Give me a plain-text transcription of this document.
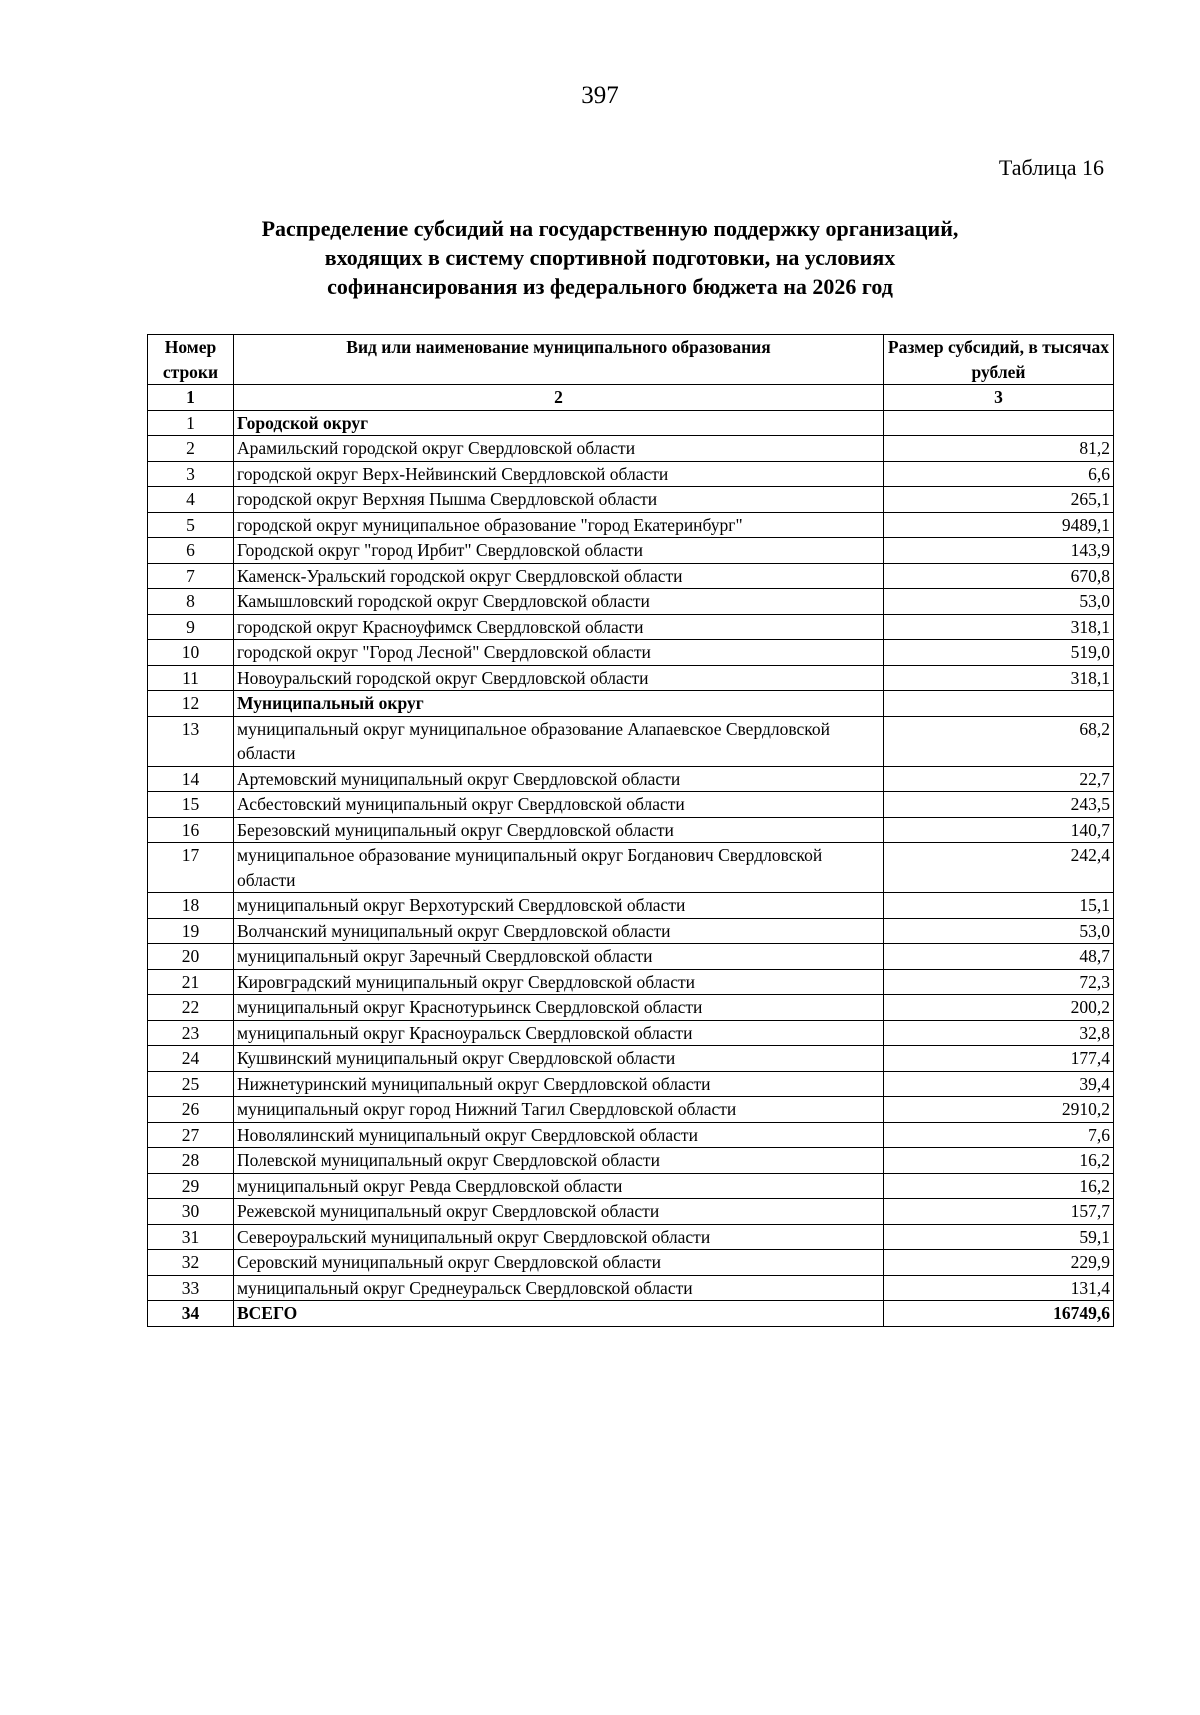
397
Таблица 16
Распределение субсидий на государственную поддержку организаций,
входящих в систему спортивной подготовки, на условиях
софинансирования из федерального бюджета на 2026 год
Номер строки	Вид или наименование муниципального образования	Размер субсидий, в тысячах рублей
1	2	3
1	Городской округ	
2	Арамильский городской округ Свердловской области	81,2
3	городской округ Верх-Нейвинский Свердловской области	6,6
4	городской округ Верхняя Пышма Свердловской области	265,1
5	городской округ муниципальное образование "город Екатеринбург"	9489,1
6	Городской округ "город Ирбит" Свердловской области	143,9
7	Каменск-Уральский городской округ Свердловской области	670,8
8	Камышловский городской округ Свердловской области	53,0
9	городской округ Красноуфимск Свердловской области	318,1
10	городской округ "Город Лесной" Свердловской области	519,0
11	Новоуральский городской округ Свердловской области	318,1
12	Муниципальный округ	
13	муниципальный округ муниципальное образование Алапаевское Свердловской области	68,2
14	Артемовский муниципальный округ Свердловской области	22,7
15	Асбестовский муниципальный округ Свердловской области	243,5
16	Березовский муниципальный округ Свердловской области	140,7
17	муниципальное образование муниципальный округ Богданович Свердловской области	242,4
18	муниципальный округ Верхотурский Свердловской области	15,1
19	Волчанский муниципальный округ Свердловской области	53,0
20	муниципальный округ Заречный Свердловской области	48,7
21	Кировградский муниципальный округ Свердловской области	72,3
22	муниципальный округ Краснотурьинск Свердловской области	200,2
23	муниципальный округ Красноуральск Свердловской области	32,8
24	Кушвинский муниципальный округ Свердловской области	177,4
25	Нижнетуринский муниципальный округ Свердловской области	39,4
26	муниципальный округ город Нижний Тагил Свердловской области	2910,2
27	Новолялинский муниципальный округ Свердловской области	7,6
28	Полевской муниципальный округ Свердловской области	16,2
29	муниципальный округ Ревда Свердловской области	16,2
30	Режевской муниципальный округ Свердловской области	157,7
31	Североуральский муниципальный округ Свердловской области	59,1
32	Серовский муниципальный округ Свердловской области	229,9
33	муниципальный округ Среднеуральск Свердловской области	131,4
34	ВСЕГО	16749,6
